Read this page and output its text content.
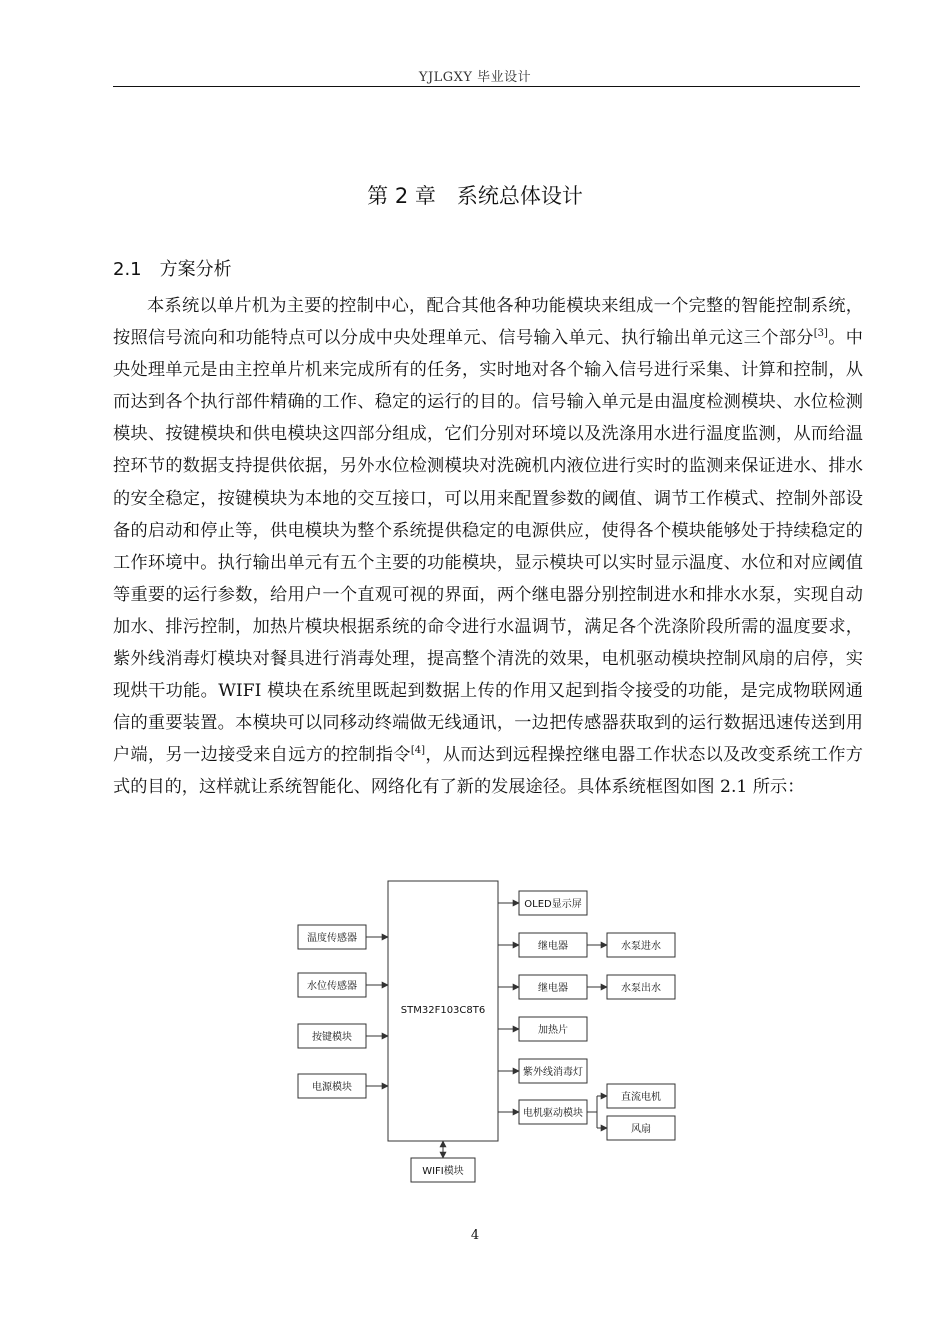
YJLGXY 毕业设计
第 2 章　系统总体设计
2.1　方案分析

本系统以单片机为主要的控制中心，配合其他各种功能模块来组成一个完整的智能控制系统，按照信号流向和功能特点可以分成中央处理单元、信号输入单元、执行输出单元这三个部分[3]。中央处理单元是由主控单片机来完成所有的任务，实时地对各个输入信号进行采集、计算和控制，从而达到各个执行部件精确的工作、稳定的运行的目的。信号输入单元是由温度检测模块、水位检测模块、按键模块和供电模块这四部分组成，它们分别对环境以及洗涤用水进行温度监测，从而给温控环节的数据支持提供依据，另外水位检测模块对洗碗机内液位进行实时的监测来保证进水、排水的安全稳定，按键模块为本地的交互接口，可以用来配置参数的阈值、调节工作模式、控制外部设备的启动和停止等，供电模块为整个系统提供稳定的电源供应，使得各个模块能够处于持续稳定的工作环境中。执行输出单元有五个主要的功能模块，显示模块可以实时显示温度、水位和对应阈值等重要的运行参数，给用户一个直观可视的界面，两个继电器分别控制进水和排水水泵，实现自动加水、排污控制，加热片模块根据系统的命令进行水温调节，满足各个洗涤阶段所需的温度要求，紫外线消毒灯模块对餐具进行消毒处理，提高整个清洗的效果，电机驱动模块控制风扇的启停，实现烘干功能。WIFI 模块在系统里既起到数据上传的作用又起到指令接受的功能，是完成物联网通信的重要装置。本模块可以同移动终端做无线通讯，一边把传感器获取到的运行数据迅速传送到用户端，另一边接受来自远方的控制指令[4]，从而达到远程操控继电器工作状态以及改变系统工作方式的目的，这样就让系统智能化、网络化有了新的发展途径。具体系统框图如图 2.1 所示：

STM32F103C8T6
温度传感器
水位传感器
按键模块
电源模块
OLED显示屏
继电器
继电器
加热片
紫外线消毒灯
电机驱动模块
水泵进水
水泵出水
直流电机
风扇
WIFI模块
4
